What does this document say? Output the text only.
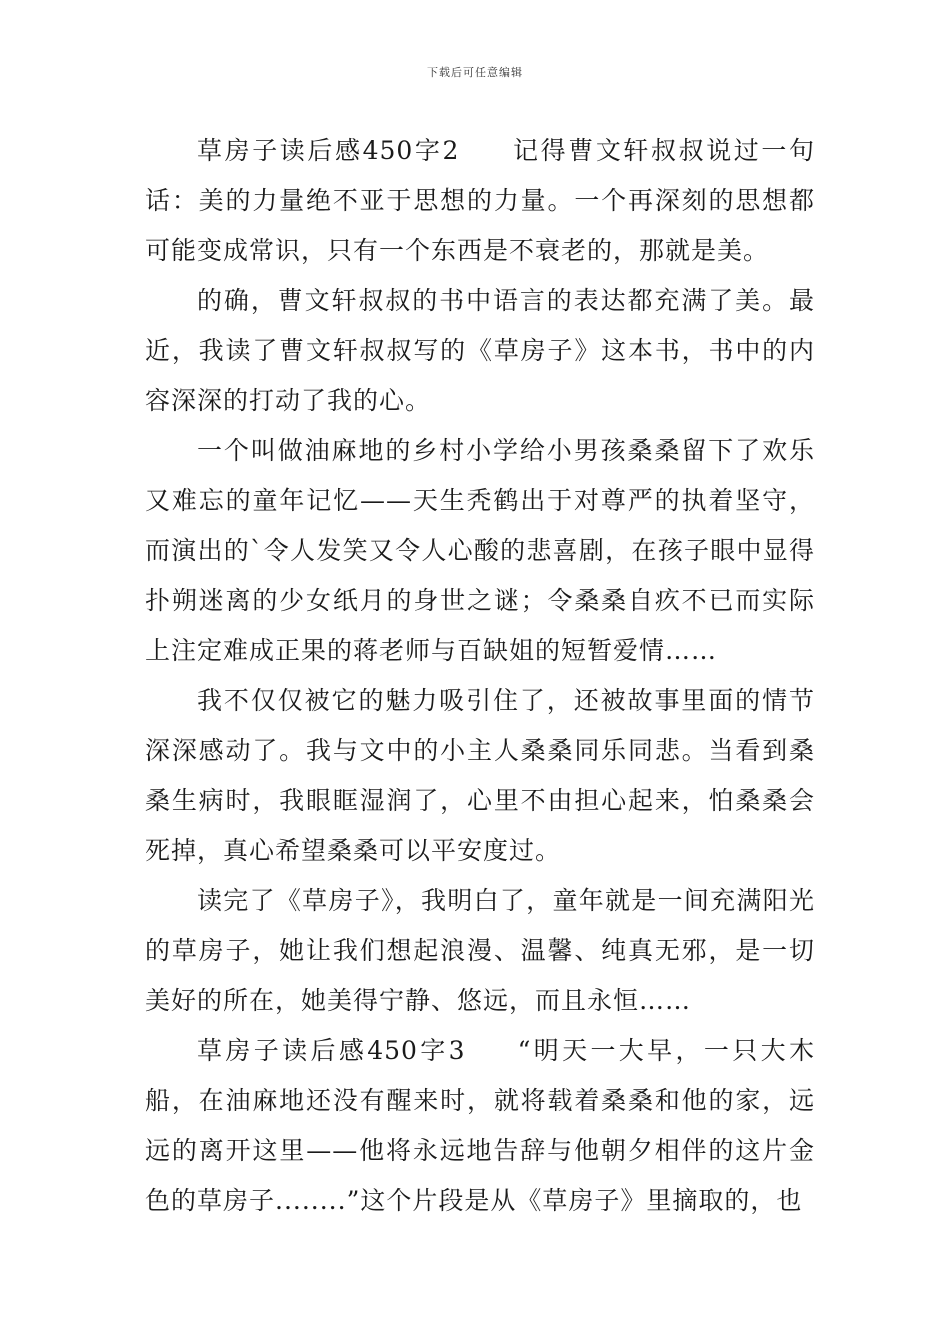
下载后可任意编辑

草房子读后感450字2 记得曹文轩叔叔说过一句话：美的力量绝不亚于思想的力量。一个再深刻的思想都可能变成常识，只有一个东西是不衰老的，那就是美。

的确，曹文轩叔叔的书中语言的表达都充满了美。最近，我读了曹文轩叔叔写的《草房子》这本书，书中的内容深深的打动了我的心。

一个叫做油麻地的乡村小学给小男孩桑桑留下了欢乐又难忘的童年记忆——天生秃鹤出于对尊严的执着坚守，而演出的`令人发笑又令人心酸的悲喜剧，在孩子眼中显得扑朔迷离的少女纸月的身世之谜；令桑桑自疚不已而实际上注定难成正果的蒋老师与百缺姐的短暂爱情……

我不仅仅被它的魅力吸引住了，还被故事里面的情节深深感动了。我与文中的小主人桑桑同乐同悲。当看到桑桑生病时，我眼眶湿润了，心里不由担心起来，怕桑桑会死掉，真心希望桑桑可以平安度过。

读完了《草房子》，我明白了，童年就是一间充满阳光的草房子，她让我们想起浪漫、温馨、纯真无邪，是一切美好的所在，她美得宁静、悠远，而且永恒……

草房子读后感450字3 “明天一大早，一只大木船，在油麻地还没有醒来时，就将载着桑桑和他的家，远远的离开这里——他将永远地告辞与他朝夕相伴的这片金色的草房子........”这个片段是从《草房子》里摘取的，也
